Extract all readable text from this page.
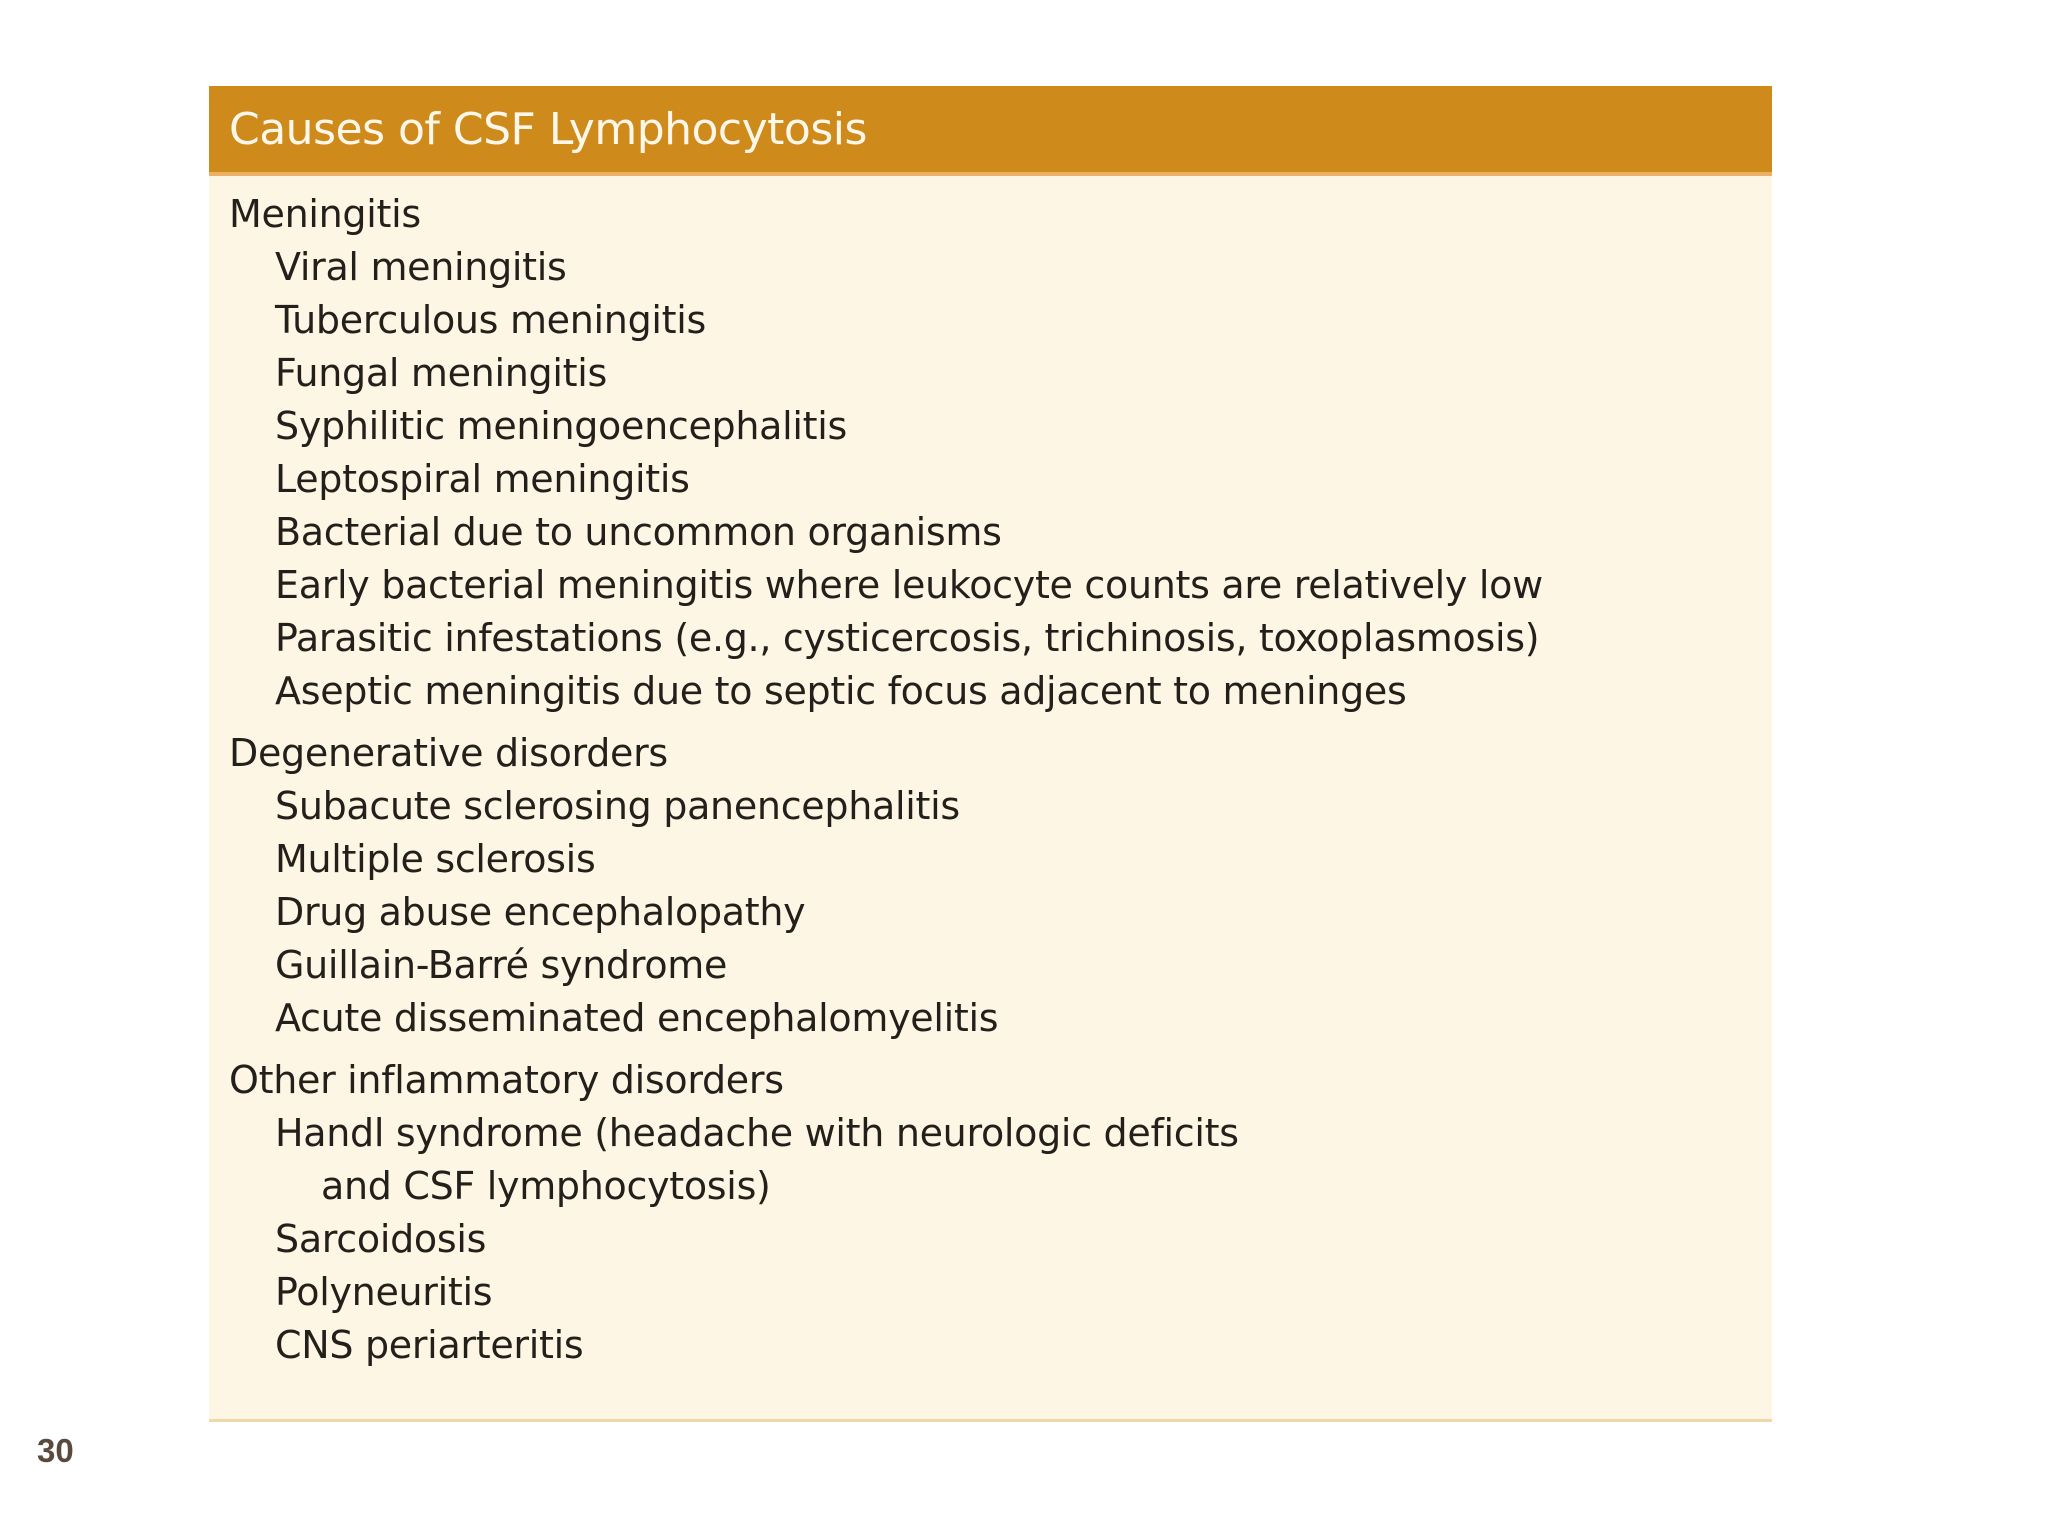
Causes of CSF Lymphocytosis
Meningitis
Viral meningitis
Tuberculous meningitis
Fungal meningitis
Syphilitic meningoencephalitis
Leptospiral meningitis
Bacterial due to uncommon organisms
Early bacterial meningitis where leukocyte counts are relatively low
Parasitic infestations (e.g., cysticercosis, trichinosis, toxoplasmosis)
Aseptic meningitis due to septic focus adjacent to meninges
Degenerative disorders
Subacute sclerosing panencephalitis
Multiple sclerosis
Drug abuse encephalopathy
Guillain-Barré syndrome
Acute disseminated encephalomyelitis
Other inflammatory disorders
Handl syndrome (headache with neurologic deficits and CSF lymphocytosis)
Sarcoidosis
Polyneuritis
CNS periarteritis
30
